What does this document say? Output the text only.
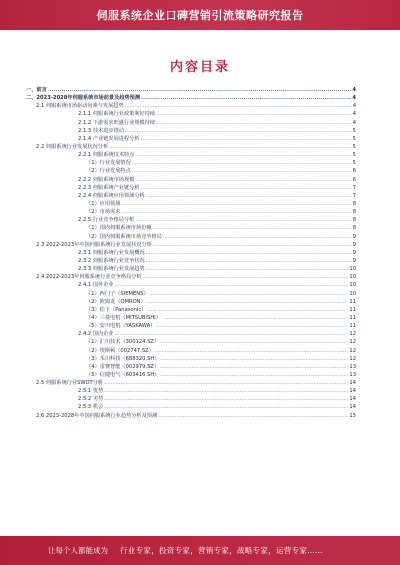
伺服系统企业口碑营销引流策略研究报告
内容目录
一、前言 .....	4
二、2023-2028年伺服系统市场前景及趋势预测 .....	4
2.1 伺服系统市场驱动因素与发展趋势 .....	4
2.1.1 伺服系统行业政策利好持续 .....	4
2.1.2 下游需求旺盛行业规模持续 .....	4
2.1.3 技术进步推动 .....	5
2.1.4 产业链发展进程分析 .....	5
2.2 伺服系统行业发展状况分析 .....	5
2.2.1 伺服系统技术特点 .....	5
（1）行业发展情况 .....	5
（2）行业发展特点 .....	6
2.2.2 伺服系统市场规模 .....	6
2.2.3 伺服系统产业链分析 .....	7
2.2.4 伺服系统应用领域分析 .....	7
（1）应用领域 .....	8
（2）市场需求 .....	8
2.2.5 行业竞争格局分析 .....	8
（1）国内伺服系统市场份额 .....	8
（2）国内伺服系统市场竞争格局 .....	9
2.3 2022-2023年中国伺服系统行业发展状况分析 .....	9
2.3.1 伺服系统行业发展概况 .....	9
2.3.2 伺服系统行业竞争状况 .....	9
2.3.3 伺服系统行业发展趋势 .....	10
2.4 2022-2023年伺服系统行业竞争格局分析 .....	10
2.4.1 国外企业 .....	10
（1）西门子（SIEMENS） .....	10
（2）欧姆龙（OMRON） .....	11
（3）松下（Panasonic） .....	11
（4）三菱电机（MITSUBISHI） .....	11
（5）安川电机（YASKAWA） .....	11
2.4.2 国内企业 .....	12
（1）汇川技术（300124.SZ） .....	12
（2）埃斯顿（002747.SZ） .....	12
（3）禾川科技（688320.SH） .....	12
（4）雷赛智能（002979.SZ） .....	13
（5）信捷电气（603416.SH） .....	13
2.5 伺服系统行业SWOT分析 .....	14
2.5.1 优势 .....	14
2.5.2 劣势 .....	14
2.5.3 机会 .....	14
2.6 2023-2028年中国伺服系统行业趋势分析及预测 .....	15
让每个人都能成为	行业专家，投资专家，营销专家，战略专家，运营专家……
